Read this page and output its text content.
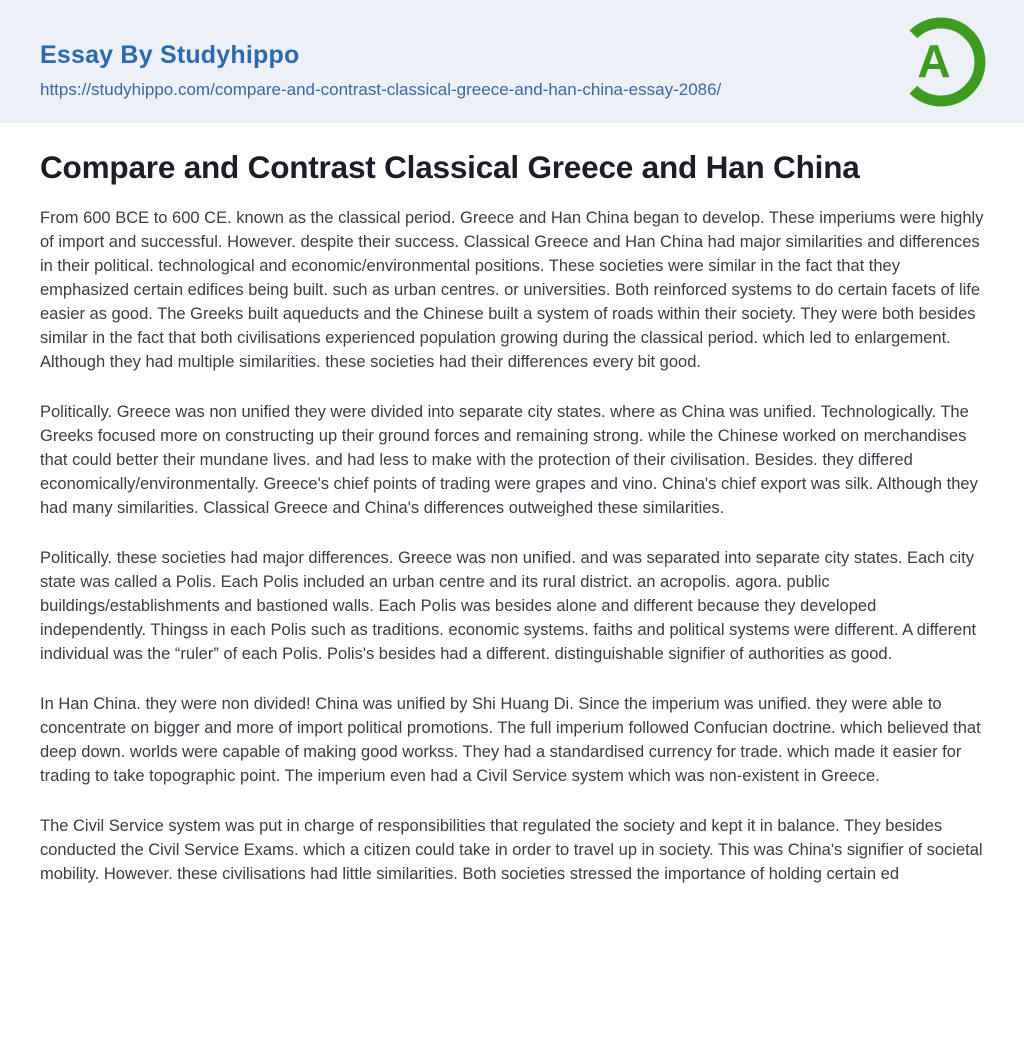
Essay By Studyhippo
https://studyhippo.com/compare-and-contrast-classical-greece-and-han-china-essay-2086/
A
Compare and Contrast Classical Greece and Han China

From 600 BCE to 600 CE. known as the classical period. Greece and Han China began to develop. These imperiums were highly of import and successful. However. despite their success. Classical Greece and Han China had major similarities and differences in their political. technological and economic/environmental positions. These societies were similar in the fact that they emphasized certain edifices being built. such as urban centres. or universities. Both reinforced systems to do certain facets of life easier as good. The Greeks built aqueducts and the Chinese built a system of roads within their society. They were both besides similar in the fact that both civilisations experienced population growing during the classical period. which led to enlargement. Although they had multiple similarities. these societies had their differences every bit good.

Politically. Greece was non unified they were divided into separate city states. where as China was unified. Technologically. The Greeks focused more on constructing up their ground forces and remaining strong. while the Chinese worked on merchandises that could better their mundane lives. and had less to make with the protection of their civilisation. Besides. they differed economically/environmentally. Greece's chief points of trading were grapes and vino. China's chief export was silk. Although they had many similarities. Classical Greece and China's differences outweighed these similarities.

Politically. these societies had major differences. Greece was non unified. and was separated into separate city states. Each city state was called a Polis. Each Polis included an urban centre and its rural district. an acropolis. agora. public buildings/establishments and bastioned walls. Each Polis was besides alone and different because they developed independently. Thingss in each Polis such as traditions. economic systems. faiths and political systems were different. A different individual was the “ruler” of each Polis. Polis's besides had a different. distinguishable signifier of authorities as good.

In Han China. they were non divided! China was unified by Shi Huang Di. Since the imperium was unified. they were able to concentrate on bigger and more of import political promotions. The full imperium followed Confucian doctrine. which believed that deep down. worlds were capable of making good workss. They had a standardised currency for trade. which made it easier for trading to take topographic point. The imperium even had a Civil Service system which was non-existent in Greece.

The Civil Service system was put in charge of responsibilities that regulated the society and kept it in balance. They besides conducted the Civil Service Exams. which a citizen could take in order to travel up in society. This was China's signifier of societal mobility. However. these civilisations had little similarities. Both societies stressed the importance of holding certain ed
